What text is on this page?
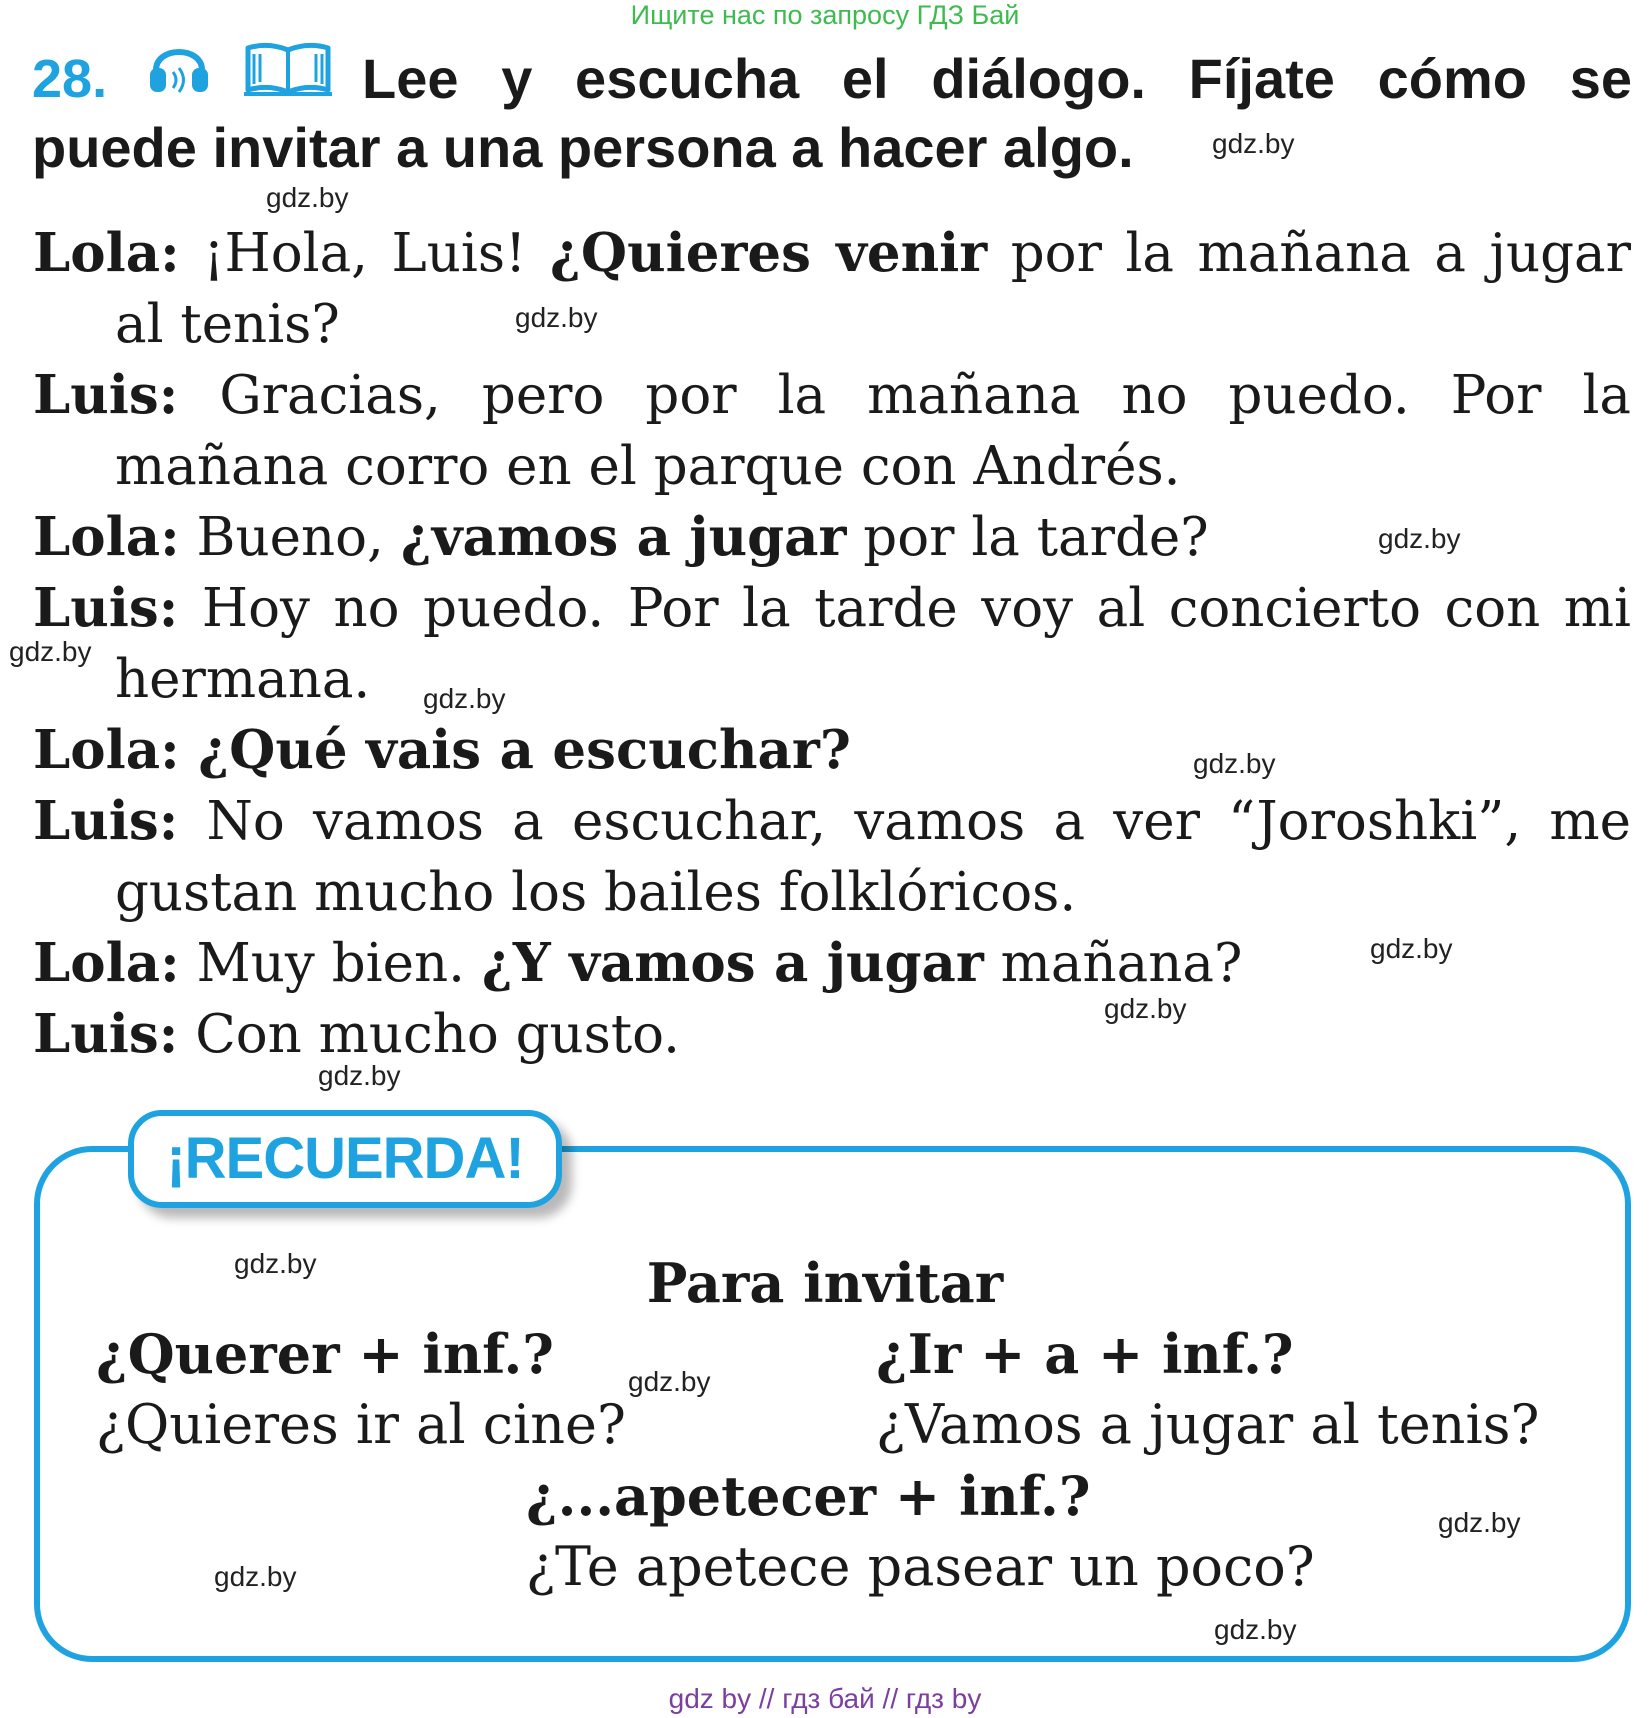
Ищите нас по запросу ГДЗ Бай
28.	Lee y escucha el diálogo. Fíjate cómo se
puede invitar a una persona a hacer algo.
Lola: ¡Hola, Luis! ¿Quieres venir por la mañana a jugar
al tenis?
Luis: Gracias, pero por la mañana no puedo. Por la
mañana corro en el parque con Andrés.
Lola: Bueno, ¿vamos a jugar por la tarde?
Luis: Hoy no puedo. Por la tarde voy al concierto con mi
hermana.
Lola: ¿Qué vais a escuchar?
Luis: No vamos a escuchar, vamos a ver “Joroshki”, me
gustan mucho los bailes folklóricos.
Lola: Muy bien. ¿Y vamos a jugar mañana?
Luis: Con mucho gusto.
¡RECUERDA!
Para invitar
¿Querer + inf.?
¿Quieres ir al cine?
¿Ir + a + inf.?
¿Vamos a jugar al tenis?
¿...apetecer + inf.?
¿Te apetece pasear un poco?
gdz.by
gdz.by
gdz.by
gdz.by
gdz.by
gdz.by
gdz.by
gdz.by
gdz.by
gdz.by
gdz.by
gdz.by
gdz.by
gdz.by
gdz.by
gdz by // гдз бай // гдз by
